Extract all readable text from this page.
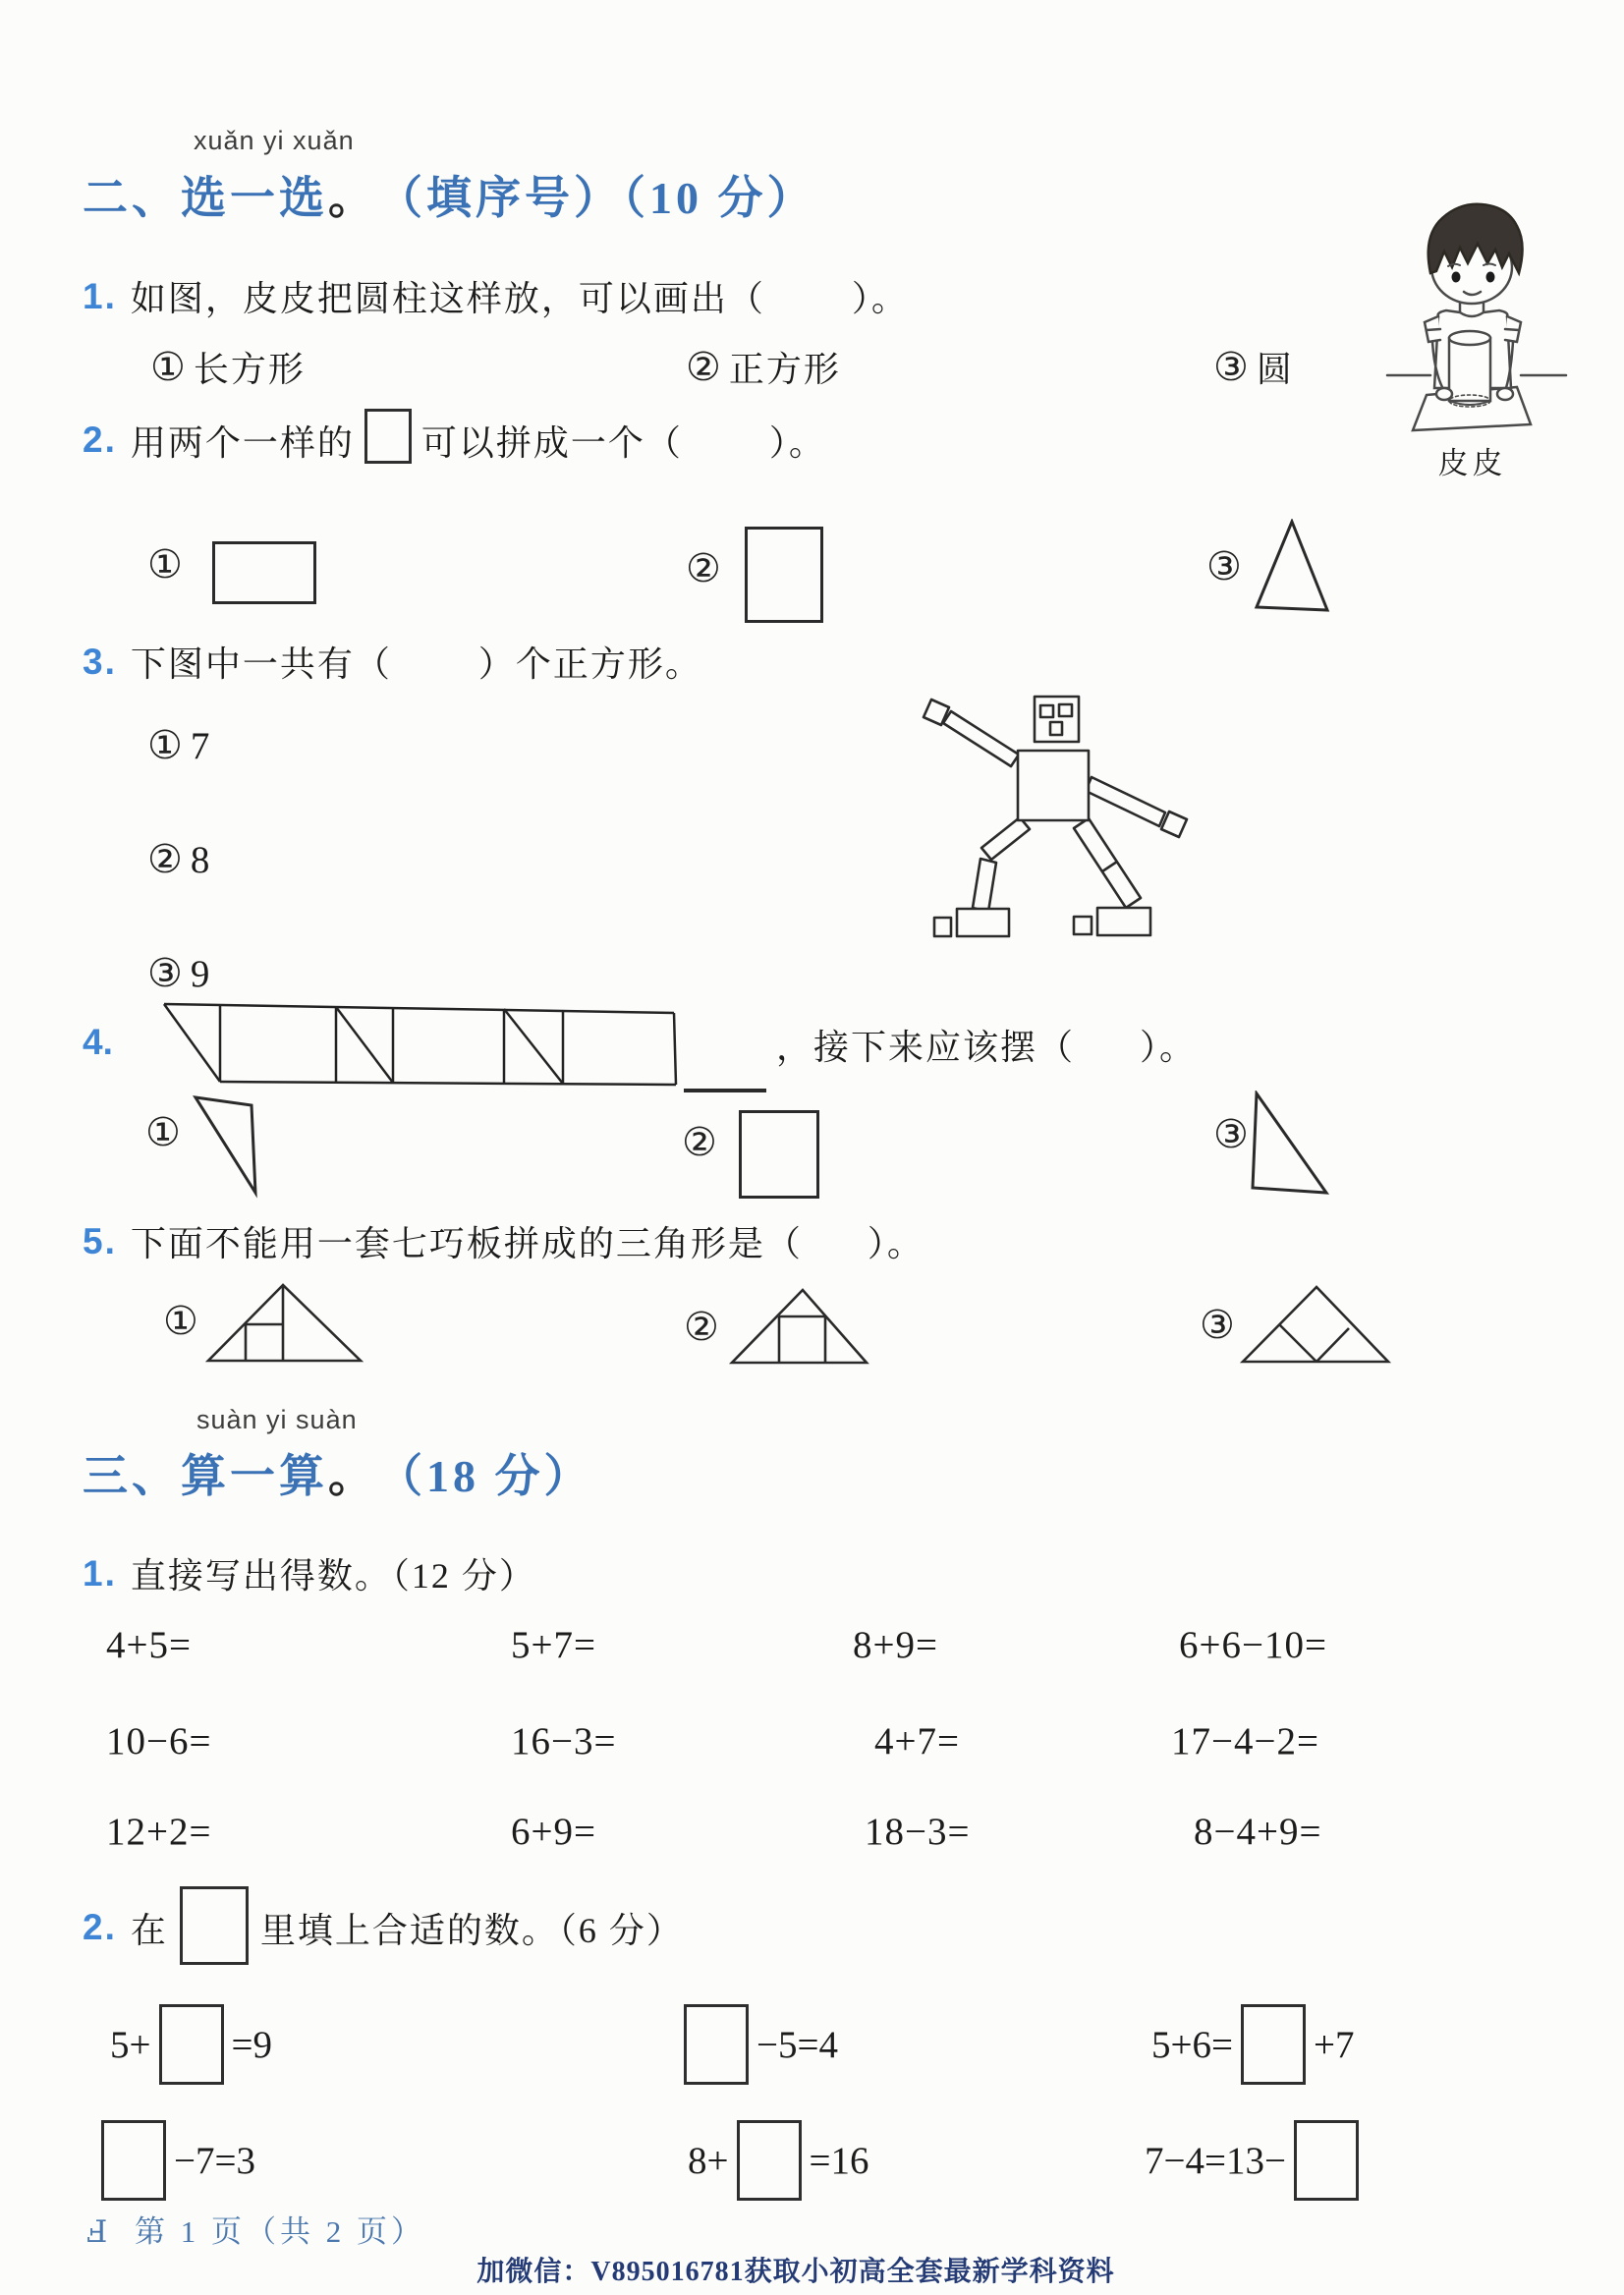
xuǎn yi xuǎn
二、选一选 。 （填序号）（10 分）
1. 如图，皮皮把圆柱这样放，可以画出（        ）。
① 长方形	② 正方形	③ 圆
皮皮
2. 用两个一样的 可以拼成一个（        ）。
①	②	③
3. 下图中一共有（        ）个正方形。
① 7
② 8
③ 9
4.	，接下来应该摆（      ）。
①	②	③
5. 下面不能用一套七巧板拼成的三角形是（      ）。
①	②	③
suàn yi suàn
三、算一算 。 （18 分）
1. 直接写出得数。（12 分）
4+5=	5+7=	8+9=	6+6−10=
10−6=	16−3=	4+7=	17−4−2=
12+2=	6+9=	18−3=	8−4+9=
2. 在	里填上合适的数。（6 分）
5+ =9	−5=4	5+6= +7
−7=3	8+ =16	7−4=13−
Ⅎ  第 1 页（共 2 页）
加微信：V895016781获取小初高全套最新学科资料
